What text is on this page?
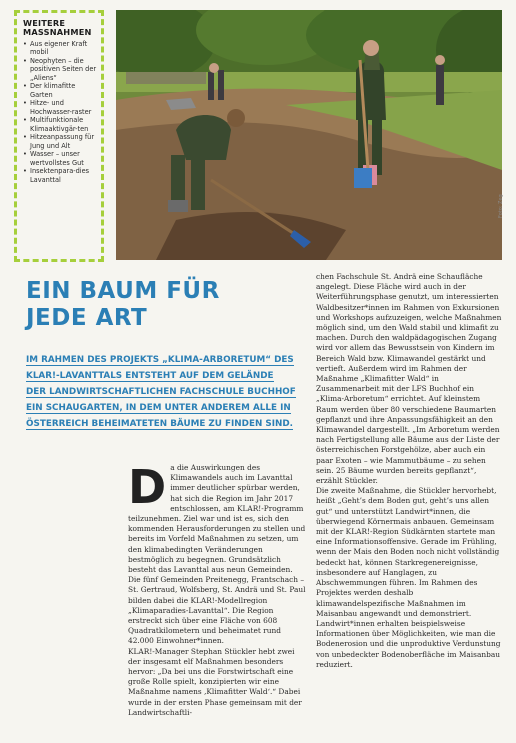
WEITERE
MASSNAHMEN
• Aus eigener Kraft mobil
• Neophyten – die positiven Seiten der „Aliens“
• Der klimafitte Garten
• Hitze- und Hochwasser-raster
• Multifunktionale Klimaaktivgär-ten
• Hitzeanpassung für Jung und Alt
• Wasser – unser wertvollstes Gut
• Insektenpara-dies Lavanttal
Foto: Zeg
EIN BAUM FÜR
JEDE ART

IM RAHMEN DES PROJEKTS „KLIMA-ARBORETUM“ DES KLAR!-LAVANTTALS ENTSTEHT AUF DEM GELÄNDE DER LANDWIRTSCHAFTLICHEN FACHSCHULE BUCHHOF EIN SCHAUGARTEN, IN DEM UNTER ANDEREM ALLE IN ÖSTERREICH BEHEIMATETEN BÄUME ZU FINDEN SIND.

D a die Auswirkungen des Klimawandels auch im Lavanttal immer deutlicher spürbar werden, hat sich die Region im Jahr 2017 entschlossen, am KLAR!-Programm teilzunehmen. Ziel war und ist es, sich den kommenden Herausforderungen zu stellen und bereits im Vorfeld Maßnahmen zu setzen, um den klimabedingten Veränderungen bestmöglich zu begegnen. Grundsätzlich besteht das Lavanttal aus neun Gemeinden. Die fünf Gemeinden Preitenegg, Frantschach – St. Gertraud, Wolfsberg, St. Andrä und St. Paul bilden dabei die KLAR!-Modellregion „Klimaparadies-Lavanttal“. Die Region erstreckt sich über eine Fläche von 608 Quadratkilometern und beheimatet rund 42.000 Einwohner*innen.

KLAR!-Manager Stephan Stückler hebt zwei der insgesamt elf Maßnahmen besonders hervor: „Da bei uns die Forstwirtschaft eine große Rolle spielt, konzipierten wir eine Maßnahme namens ‚Klimafitter Wald‘.“ Dabei wurde in der ersten Phase gemeinsam mit der Landwirtschaftli-

chen Fachschule St. Andrä eine Schaufläche angelegt. Diese Fläche wird auch in der Weiterführungsphase genutzt, um interessierten Waldbesitzer*innen im Rahmen von Exkursionen und Workshops aufzuzeigen, welche Maßnahmen möglich sind, um den Wald stabil und klimafit zu machen. Durch den waldpädagogischen Zugang wird vor allem das Bewusstsein von Kindern im Bereich Wald bzw. Klimawandel gestärkt und vertieft. Außerdem wird im Rahmen der Maßnahme „Klimafitter Wald“ in Zusammenarbeit mit der LFS Buchhof ein „Klima-Arboretum“ errichtet. Auf kleinstem Raum werden über 80 verschiedene Baumarten gepflanzt und ihre Anpassungsfähigkeit an den Klimawandel dargestellt. „Im Arboretum werden nach Fertigstellung alle Bäume aus der Liste der österreichischen Forstgehölze, aber auch ein paar Exoten – wie Mammutbäume – zu sehen sein. 25 Bäume wurden bereits gepflanzt“, erzählt Stückler.

Die zweite Maßnahme, die Stückler hervorhebt, heißt „Geht’s dem Boden gut, geht’s uns allen gut“ und unterstützt Landwirt*innen, die überwiegend Körnermais anbauen. Gemeinsam mit der KLAR!-Region Südkärnten startete man eine Informationsoffensive. Gerade im Frühling, wenn der Mais den Boden noch nicht vollständig bedeckt hat, können Starkregenereignisse, insbesondere auf Hanglagen, zu Abschwemmungen führen. Im Rahmen des Projektes werden deshalb klimawandelspezifische Maßnahmen im Maisanbau angewandt und demonstriert. Landwirt*innen erhalten beispielsweise Informationen über Möglichkeiten, wie man die Bodenerosion und die unproduktive Verdunstung von unbedeckter Bodenoberfläche im Maisanbau reduziert.
